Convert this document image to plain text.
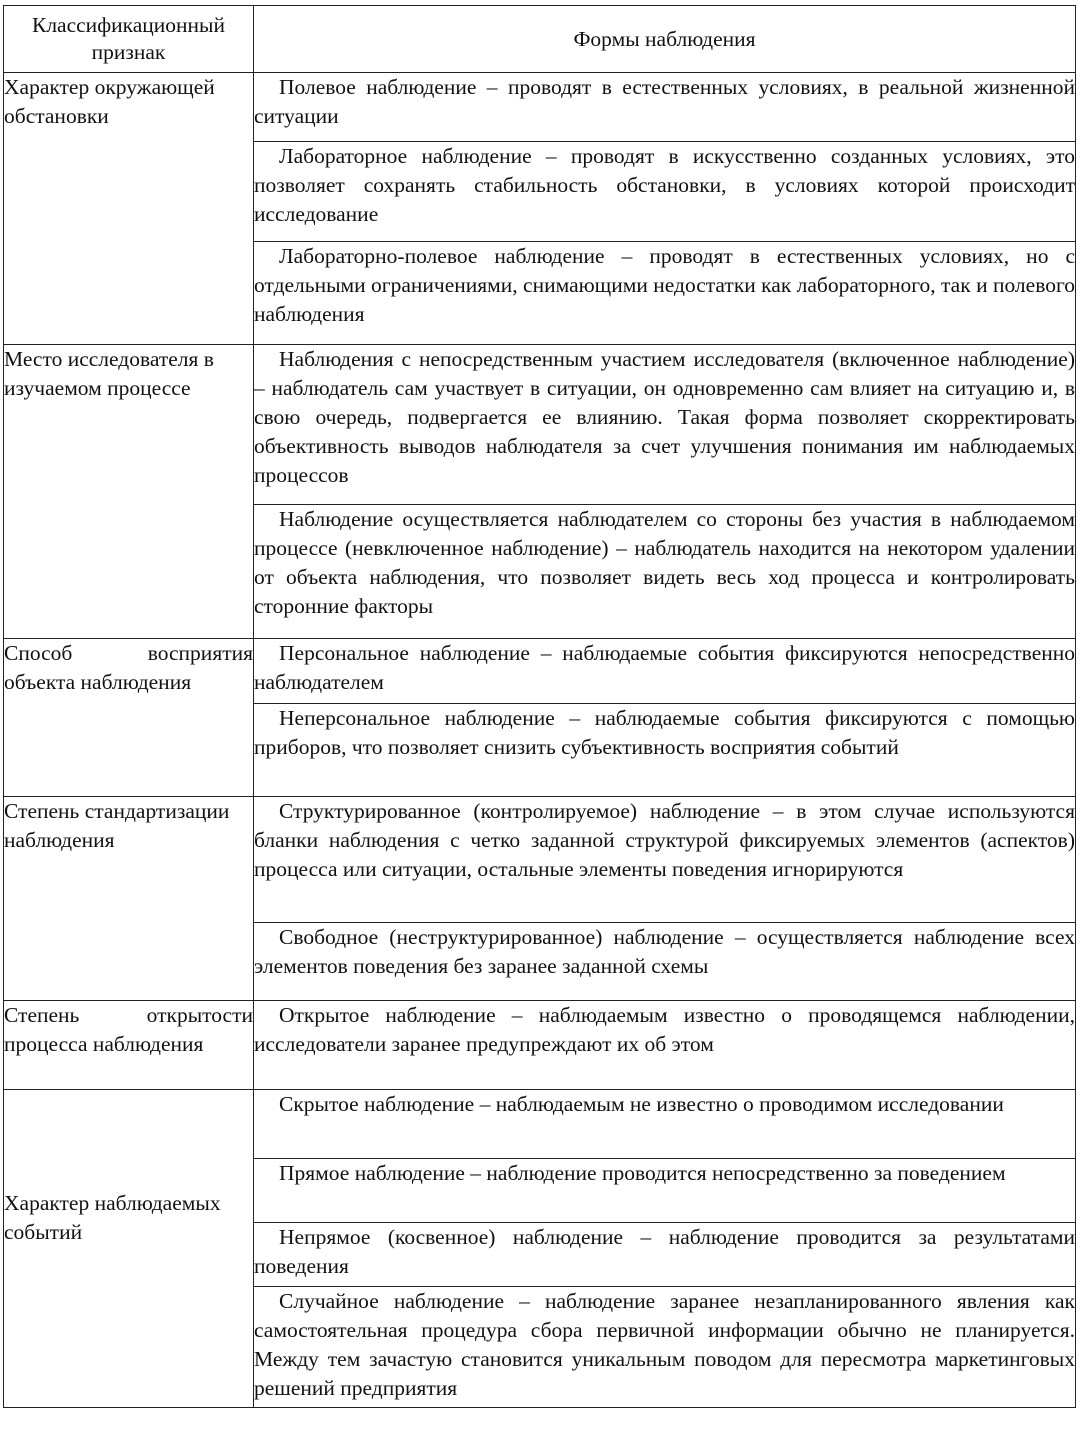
Классификационный признак	Формы наблюдения
Характер окружающей обстановки	Полевое наблюдение – проводят в естественных условиях, в реальной жизненной ситуации

	Лабораторное наблюдение – проводят в искусственно созданных условиях, это позволяет сохранять стабильность обстановки, в условиях которой происходит исследование

	Лабораторно-полевое наблюдение – проводят в естественных условиях, но с отдельными ограничениями, снимающими недостатки как лабораторного, так и полевого наблюдения

Место исследователя в изучаемом процессе	Наблюдения с непосредственным участием исследователя (включенное наблюдение) – наблюдатель сам участвует в ситуации, он одновременно сам влияет на ситуацию и, в свою очередь, подвергается ее влиянию. Такая форма позволяет скорректировать объективность выводов наблюдателя за счет улучшения понимания им наблюдаемых процессов

	Наблюдение осуществляется наблюдателем со стороны без участия в наблюдаемом процессе (невключенное наблюдение) – наблюдатель находится на некотором удалении от объекта наблюдения, что позволяет видеть весь ход процесса и контролировать сторонние факторы

Способ восприятия объекта наблюдения	Персональное наблюдение – наблюдаемые события фиксируются непосредственно наблюдателем

	Неперсональное наблюдение – наблюдаемые события фиксируются с помощью приборов, что позволяет снизить субъективность восприятия событий

Степень стандартизации наблюдения	Структурированное (контролируемое) наблюдение – в этом случае используются бланки наблюдения с четко заданной структурой фиксируемых элементов (аспектов) процесса или ситуации, остальные элементы поведения игнорируются

	Свободное (неструктурированное) наблюдение – осуществляется наблюдение всех элементов поведения без заранее заданной схемы

Степень открытости процесса наблюдения	Открытое наблюдение – наблюдаемым известно о проводящемся наблюдении, исследователи заранее предупреждают их об этом

Характер наблюдаемых событий	Скрытое наблюдение – наблюдаемым не известно о проводимом исследовании

	Прямое наблюдение – наблюдение проводится непосредственно за поведением

	Непрямое (косвенное) наблюдение – наблюдение проводится за результатами поведения

	Случайное наблюдение – наблюдение заранее незапланированного явления как самостоятельная процедура сбора первичной информации обычно не планируется. Между тем зачастую становится уникальным поводом для пересмотра маркетинговых решений предприятия
